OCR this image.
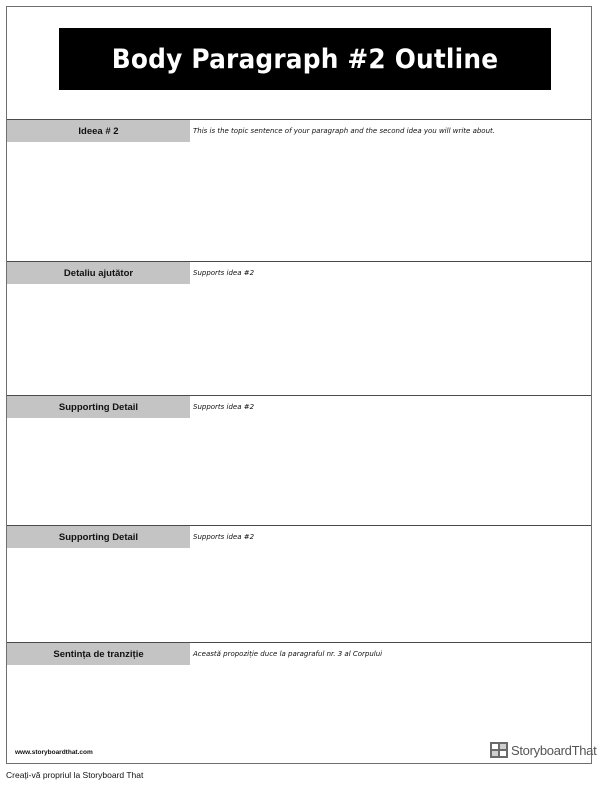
Body Paragraph #2 Outline
Ideea # 2	This is the topic sentence of your paragraph and the second idea you will write about.
Detaliu ajutător	Supports idea #2
Supporting Detail	Supports idea #2
Supporting Detail	Supports idea #2
Sentința de tranziție	Această propoziție duce la paragraful nr. 3 al Corpului
www.storyboardthat.com	StoryboardThat
Creați-vă propriul la Storyboard That
